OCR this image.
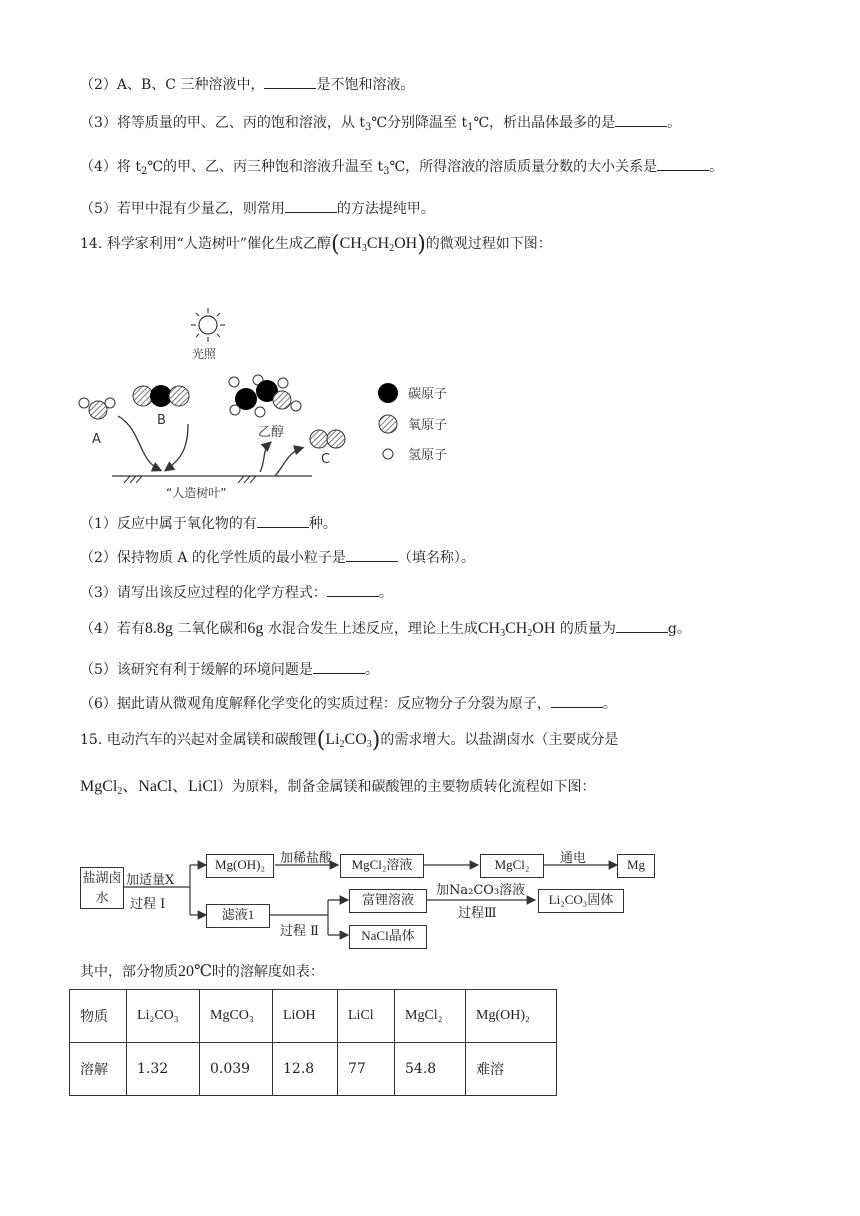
（2）A、B、C 三种溶液中，	是不饱和溶液。
（3）将等质量的甲、乙、丙的饱和溶液，从 $t_3℃$分别降温至 $t_1℃$，析出晶体最多的是	。
（4）将 $t_2℃$的甲、乙、丙三种饱和溶液升温至 $t_3℃$，所得溶液的溶质质量分数的大小关系是	。
（5）若甲中混有少量乙，则常用	的方法提纯甲。
14. 科学家利用“人造树叶”催化生成乙醇$(CH_3CH_2OH)$的微观过程如下图：
光照
A
B
乙醇
C
“人造树叶”
碳原子
氧原子
氢原子
（1）反应中属于氧化物的有	种。
（2）保持物质 A 的化学性质的最小粒子是	（填名称）。
（3）请写出该反应过程的化学方程式：	。
（4）若有8.8g 二氧化碳和6g 水混合发生上述反应，理论上生成$CH_3CH_2OH$ 的质量为	g。
（5）该研究有利于缓解的环境问题是	。
（6）据此请从微观角度解释化学变化的实质过程：反应物分子分裂为原子，	。
15. 电动汽车的兴起对金属镁和碳酸锂$(Li_2CO_3)$的需求增大。以盐湖卤水（主要成分是
MgCl$_2$、NaCl、LiCl）为原料，制备金属镁和碳酸锂的主要物质转化流程如下图：
盐湖卤水
加适量X
过程 Ⅰ
Mg(OH)₂	加稀盐酸	MgCl₂溶液	MgCl₂	通电	Mg
滤液1
过程 Ⅱ
富锂溶液
加Na₂CO₃溶液
过程Ⅲ
Li₂CO₃固体
NaCl晶体
其中，部分物质20℃时的溶解度如表：
物质	Li₂CO₃	MgCO₃	LiOH	LiCl	MgCl₂	Mg(OH)₂
溶解	1.32	0.039	12.8	77	54.8	难溶
